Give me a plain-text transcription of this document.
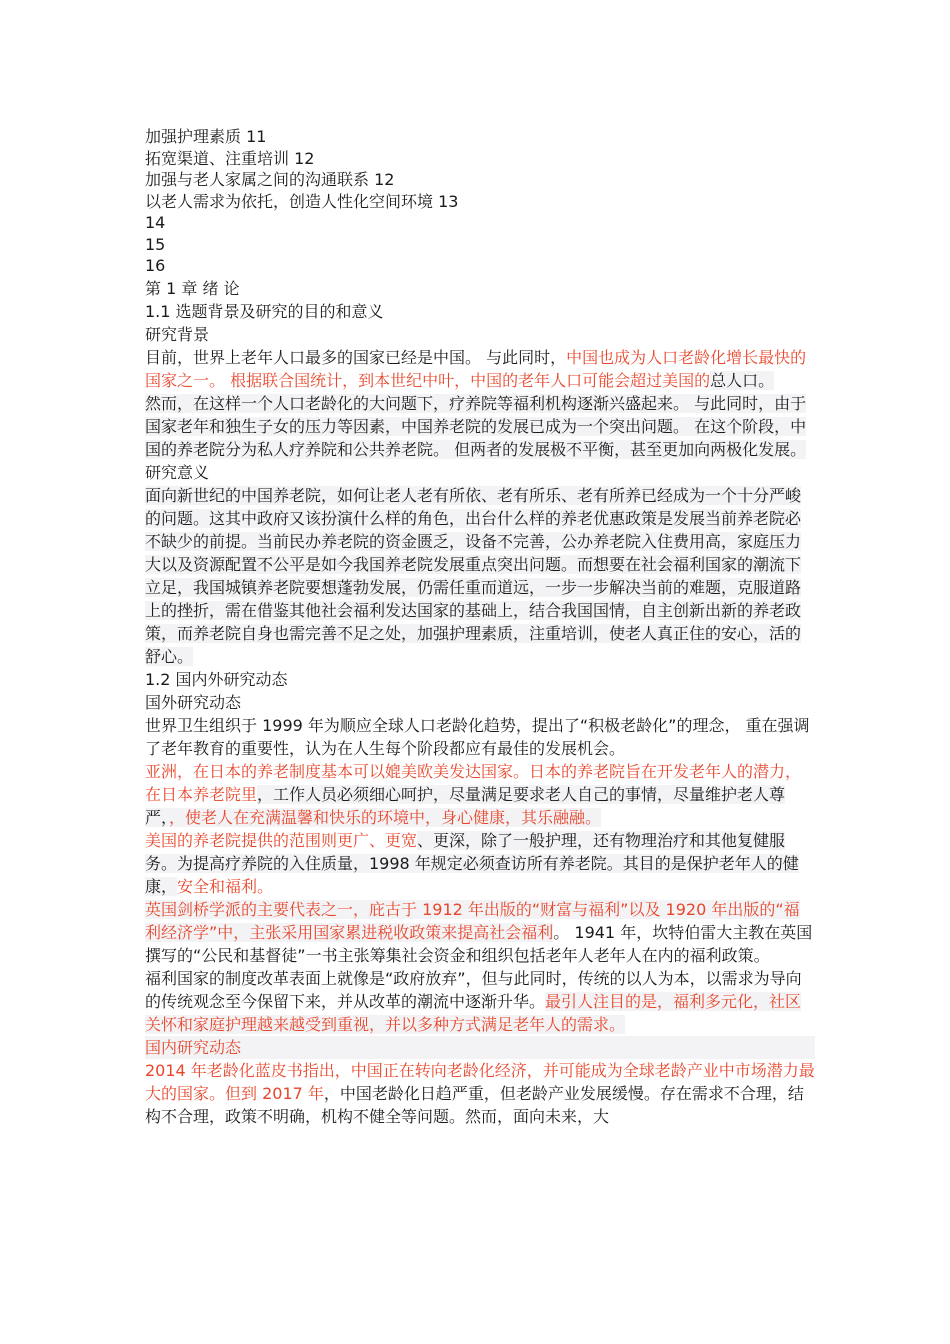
加强护理素质 11

拓宽渠道、注重培训 12

加强与老人家属之间的沟通联系 12

以老人需求为依托，创造人性化空间环境 13

14

15

16

第 1 章 绪 论

1.1 选题背景及研究的目的和意义

研究背景

目前，世界上老年人口最多的国家已经是中国。 与此同时，中国也成为人口老龄化增长最快的国家之一。 根据联合国统计，到本世纪中叶，中国的老年人口可能会超过美国的总人口。

然而，在这样一个人口老龄化的大问题下，疗养院等福利机构逐渐兴盛起来。 与此同时，由于国家老年和独生子女的压力等因素，中国养老院的发展已成为一个突出问题。 在这个阶段，中国的养老院分为私人疗养院和公共养老院。 但两者的发展极不平衡，甚至更加向两极化发展。

研究意义

面向新世纪的中国养老院，如何让老人老有所依、老有所乐、老有所养已经成为一个十分严峻的问题。这其中政府又该扮演什么样的角色，出台什么样的养老优惠政策是发展当前养老院必不缺少的前提。当前民办养老院的资金匮乏，设备不完善，公办养老院入住费用高，家庭压力大以及资源配置不公平是如今我国养老院发展重点突出问题。而想要在社会福利国家的潮流下立足，我国城镇养老院要想蓬勃发展，仍需任重而道远，一步一步解决当前的难题，克服道路上的挫折，需在借鉴其他社会福利发达国家的基础上，结合我国国情，自主创新出新的养老政策，而养老院自身也需完善不足之处，加强护理素质，注重培训，使老人真正住的安心，活的舒心。

1.2 国内外研究动态

国外研究动态

世界卫生组织于 1999 年为顺应全球人口老龄化趋势，提出了“积极老龄化”的理念， 重在强调了老年教育的重要性，认为在人生每个阶段都应有最佳的发展机会。

亚洲，在日本的养老制度基本可以媲美欧美发达国家。日本的养老院旨在开发老年人的潜力，在日本养老院里，工作人员必须细心呵护，尽量满足要求老人自己的事情，尽量维护老人尊严，，使老人在充满温馨和快乐的环境中，身心健康，其乐融融。

美国的养老院提供的范围则更广、更宽、更深，除了一般护理，还有物理治疗和其他复健服务。为提高疗养院的入住质量，1998 年规定必须查访所有养老院。其目的是保护老年人的健康，安全和福利。

英国剑桥学派的主要代表之一，庇古于 1912 年出版的“财富与福利”以及 1920 年出版的“福利经济学”中，主张采用国家累进税收政策来提高社会福利。 1941 年，坎特伯雷大主教在英国撰写的“公民和基督徒”一书主张筹集社会资金和组织包括老年人老年人在内的福利政策。

福利国家的制度改革表面上就像是“政府放弃”，但与此同时，传统的以人为本，以需求为导向的传统观念至今保留下来，并从改革的潮流中逐渐升华。最引人注目的是，福利多元化，社区关怀和家庭护理越来越受到重视，并以多种方式满足老年人的需求。

国内研究动态

2014 年老龄化蓝皮书指出，中国正在转向老龄化经济，并可能成为全球老龄产业中市场潜力最大的国家。但到 2017 年，中国老龄化日趋严重，但老龄产业发展缓慢。存在需求不合理，结构不合理，政策不明确，机构不健全等问题。然而，面向未来，大
